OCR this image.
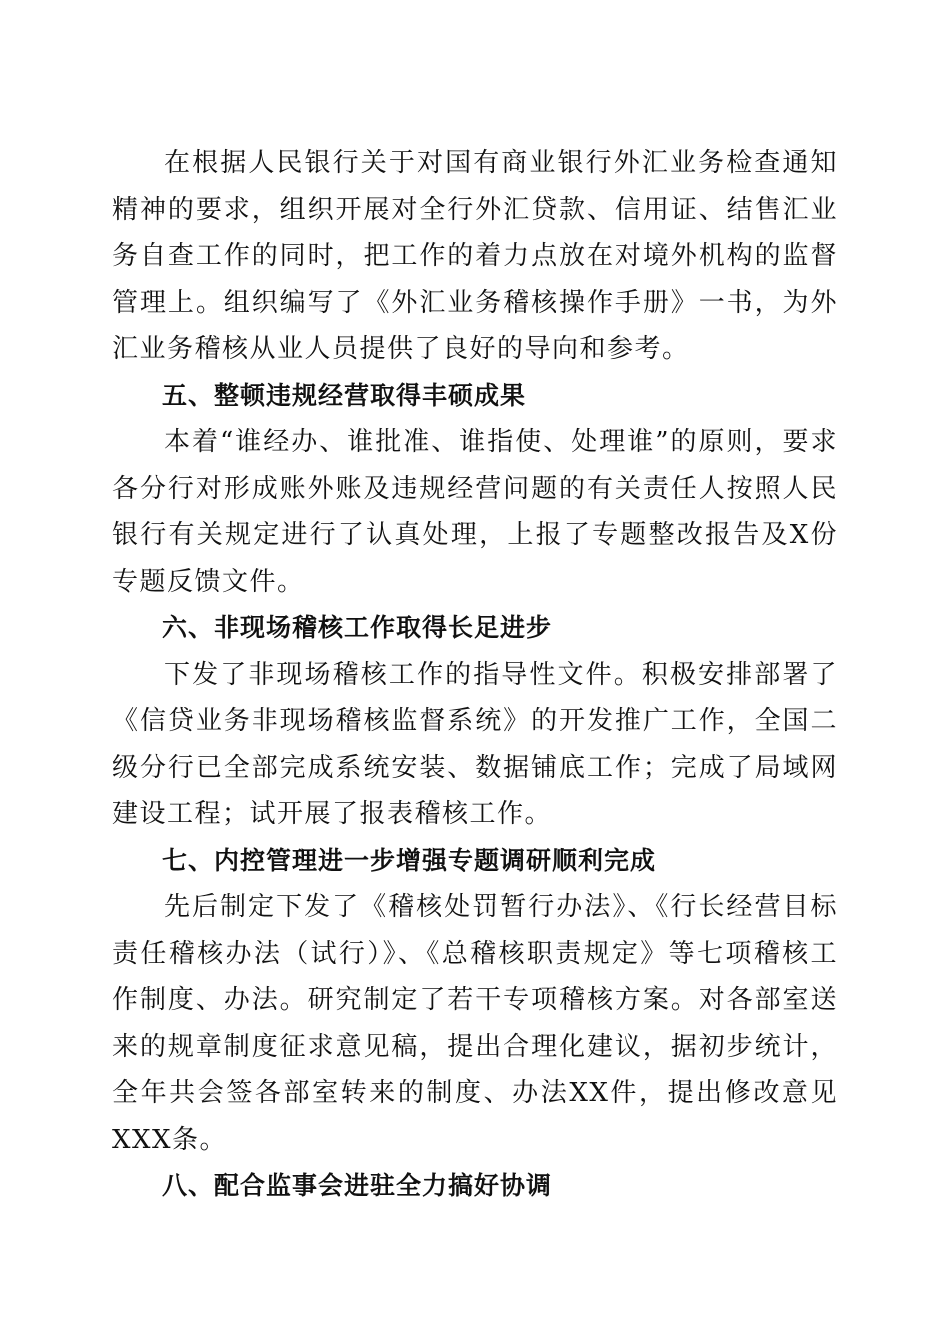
在根据人民银行关于对国有商业银行外汇业务检查通知精神的要求，组织开展对全行外汇贷款、信用证、结售汇业务自查工作的同时，把工作的着力点放在对境外机构的监督管理上。组织编写了《外汇业务稽核操作手册》一书，为外汇业务稽核从业人员提供了良好的导向和参考。

五、整顿违规经营取得丰硕成果

本着“谁经办、谁批准、谁指使、处理谁”的原则，要求各分行对形成账外账及违规经营问题的有关责任人按照人民银行有关规定进行了认真处理，上报了专题整改报告及X份专题反馈文件。

六、非现场稽核工作取得长足进步

下发了非现场稽核工作的指导性文件。积极安排部署了《信贷业务非现场稽核监督系统》的开发推广工作，全国二级分行已全部完成系统安装、数据铺底工作；完成了局域网建设工程；试开展了报表稽核工作。

七、内控管理进一步增强专题调研顺利完成

先后制定下发了《稽核处罚暂行办法》、《行长经营目标责任稽核办法（试行）》、《总稽核职责规定》等七项稽核工作制度、办法。研究制定了若干专项稽核方案。对各部室送来的规章制度征求意见稿，提出合理化建议，据初步统计，全年共会签各部室转来的制度、办法XX件，提出修改意见XXX条。

八、配合监事会进驻全力搞好协调
